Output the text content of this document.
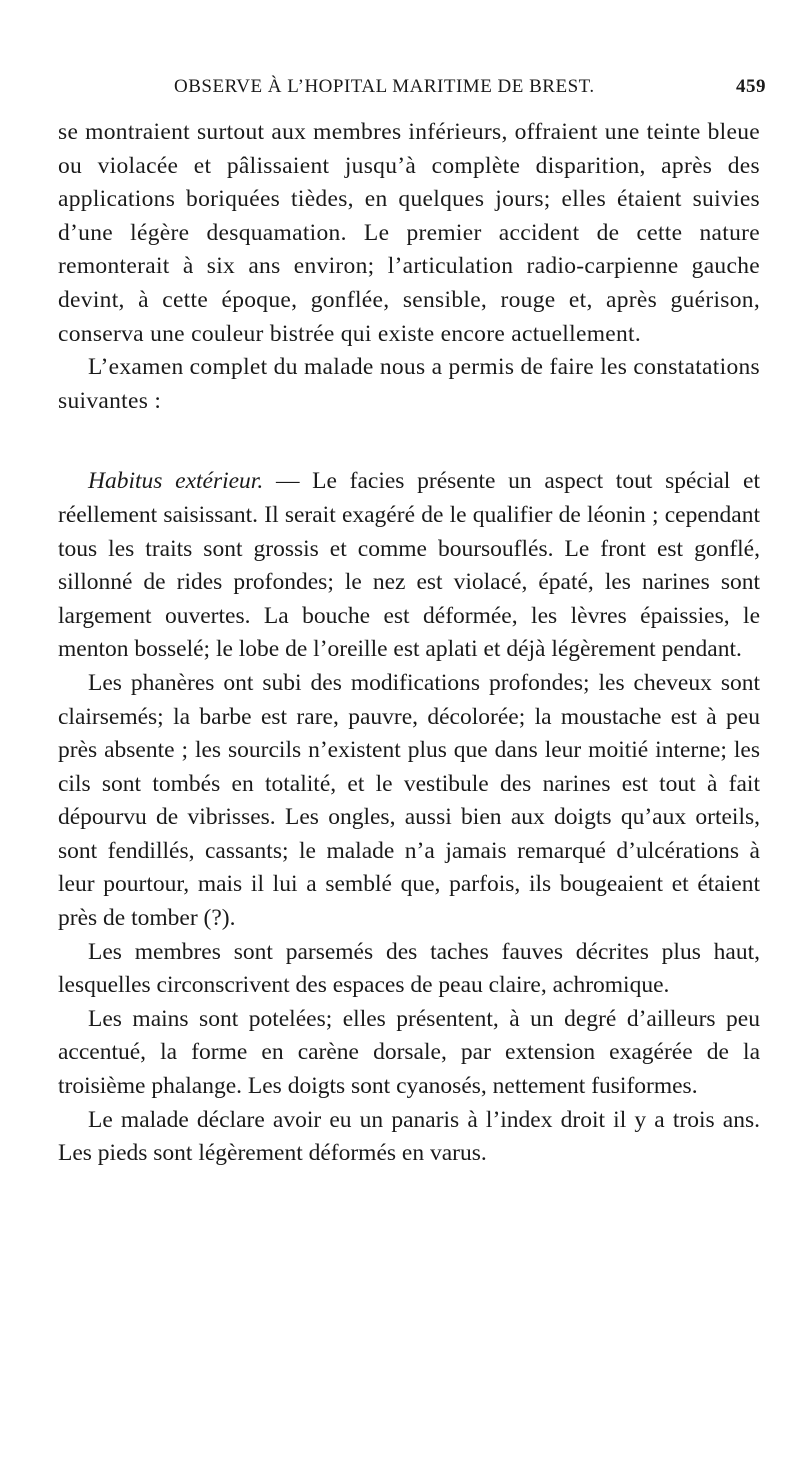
OBSERVE À L’HOPITAL MARITIME DE BREST.	459

se montraient surtout aux membres inférieurs, offraient une teinte bleue ou violacée et pâlissaient jusqu’à complète disparition, après des applications boriquées tièdes, en quelques jours; elles étaient suivies d’une légère desquamation. Le premier accident de cette nature remonterait à six ans environ; l’articulation radio-carpienne gauche devint, à cette époque, gonflée, sensible, rouge et, après guérison, conserva une couleur bistrée qui existe encore actuellement.

L’examen complet du malade nous a permis de faire les constatations suivantes :

Habitus extérieur. — Le facies présente un aspect tout spécial et réellement saisissant. Il serait exagéré de le qualifier de léonin ; cependant tous les traits sont grossis et comme boursouflés. Le front est gonflé, sillonné de rides profondes; le nez est violacé, épaté, les narines sont largement ouvertes. La bouche est déformée, les lèvres épaissies, le menton bosselé; le lobe de l’oreille est aplati et déjà légèrement pendant.

Les phanères ont subi des modifications profondes; les cheveux sont clairsemés; la barbe est rare, pauvre, décolorée; la moustache est à peu près absente ; les sourcils n’existent plus que dans leur moitié interne; les cils sont tombés en totalité, et le vestibule des narines est tout à fait dépourvu de vibrisses. Les ongles, aussi bien aux doigts qu’aux orteils, sont fendillés, cassants; le malade n’a jamais remarqué d’ulcérations à leur pourtour, mais il lui a semblé que, parfois, ils bougeaient et étaient près de tomber (?).

Les membres sont parsemés des taches fauves décrites plus haut, lesquelles circonscrivent des espaces de peau claire, achromique.

Les mains sont potelées; elles présentent, à un degré d’ailleurs peu accentué, la forme en carène dorsale, par extension exagérée de la troisième phalange. Les doigts sont cyanosés, nettement fusiformes.

Le malade déclare avoir eu un panaris à l’index droit il y a trois ans. Les pieds sont légèrement déformés en varus.
